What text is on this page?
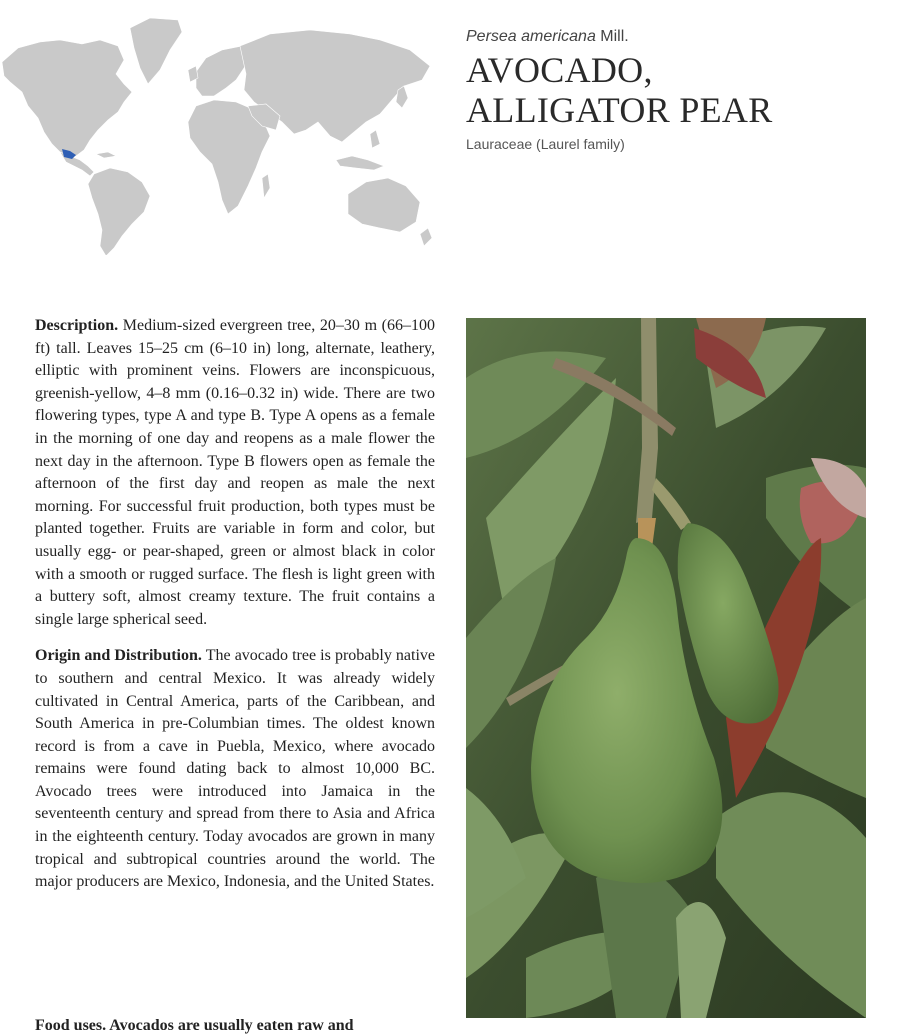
Persea americana Mill.
AVOCADO,
ALLIGATOR PEAR
Lauraceae (Laurel family)

Description. Medium-sized evergreen tree, 20–30 m (66–100 ft) tall. Leaves 15–25 cm (6–10 in) long, alternate, leathery, elliptic with prominent veins. Flowers are inconspicuous, greenish-yellow, 4–8 mm (0.16–0.32 in) wide. There are two flowering types, type A and type B. Type A opens as a female in the morning of one day and reopens as a male flower the next day in the afternoon. Type B flowers open as female the afternoon of the first day and reopen as male the next morning. For successful fruit production, both types must be planted together. Fruits are variable in form and color, but usually egg- or pear-shaped, green or almost black in color with a smooth or rugged surface. The flesh is light green with a buttery soft, almost creamy texture. The fruit contains a single large spherical seed.

Origin and Distribution. The avocado tree is probably native to southern and central Mexico. It was already widely cultivated in Central America, parts of the Caribbean, and South America in pre-Columbian times. The oldest known record is from a cave in Puebla, Mexico, where avocado remains were found dating back to almost 10,000 BC. Avocado trees were introduced into Jamaica in the seventeenth century and spread from there to Asia and Africa in the eighteenth century. Today avocados are grown in many tropical and subtropical countries around the world. The major producers are Mexico, Indonesia, and the United States.

Food uses. Avocados are usually eaten raw and
